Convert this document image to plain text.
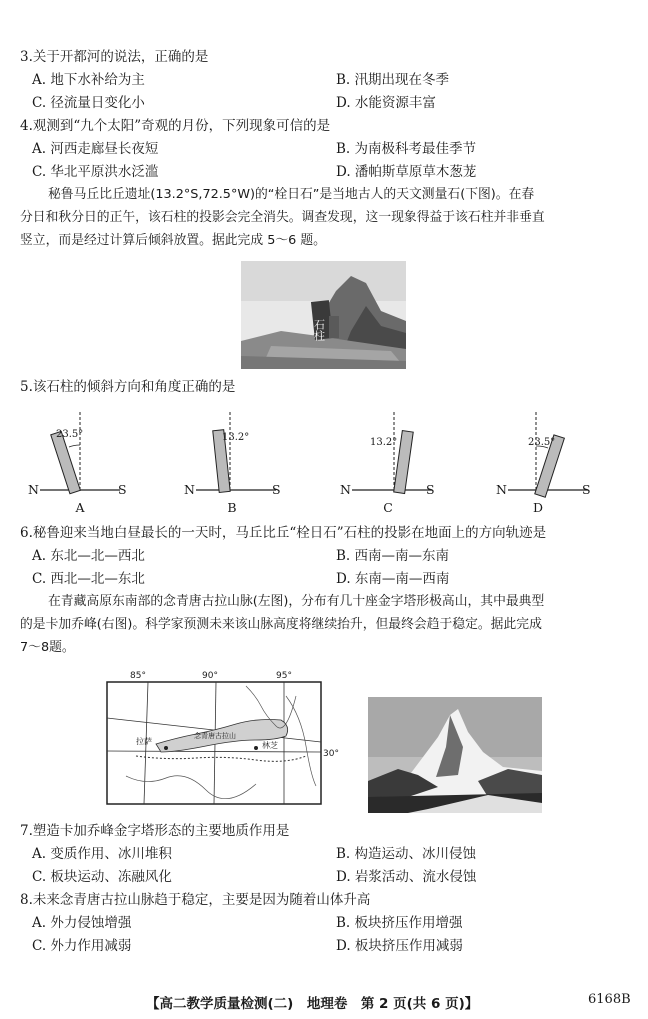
3.关于开都河的说法，正确的是
A. 地下水补给为主	B. 汛期出现在冬季
C. 径流量日变化小	D. 水能资源丰富
4.观测到“九个太阳”奇观的月份，下列现象可信的是
A. 河西走廊昼长夜短	B. 为南极科考最佳季节
C. 华北平原洪水泛滥	D. 潘帕斯草原草木葱茏
秘鲁马丘比丘遗址(13.2°S,72.5°W)的“栓日石”是当地古人的天文测量石(下图)。在春
分日和秋分日的正午，该石柱的投影会完全消失。调查发现，这一现象得益于该石柱并非垂直
竖立，而是经过计算后倾斜放置。据此完成 5～6 题。
石柱
5.该石柱的倾斜方向和角度正确的是
23.5°
N	S
A
13.2°
N	S
B
13.2°
N	S
C
23.5°
N	S
D
6.秘鲁迎来当地白昼最长的一天时，马丘比丘“栓日石”石柱的投影在地面上的方向轨迹是
A. 东北—北—西北	B. 西南—南—东南
C. 西北—北—东北	D. 东南—南—西南
在青藏高原东南部的念青唐古拉山脉(左图)，分布有几十座金字塔形极高山，其中最典型
的是卡加乔峰(右图)。科学家预测未来该山脉高度将继续抬升，但最终会趋于稳定。据此完成
7～8题。
85°	90°	95°
30°
拉萨
念青唐古拉山
林芝
7.塑造卡加乔峰金字塔形态的主要地质作用是
A. 变质作用、冰川堆积	B. 构造运动、冰川侵蚀
C. 板块运动、冻融风化	D. 岩浆活动、流水侵蚀
8.未来念青唐古拉山脉趋于稳定，主要是因为随着山体升高
A. 外力侵蚀增强	B. 板块挤压作用增强
C. 外力作用减弱	D. 板块挤压作用减弱
【高二教学质量检测(二)　地理卷　第 2 页(共 6 页)】	6168B
